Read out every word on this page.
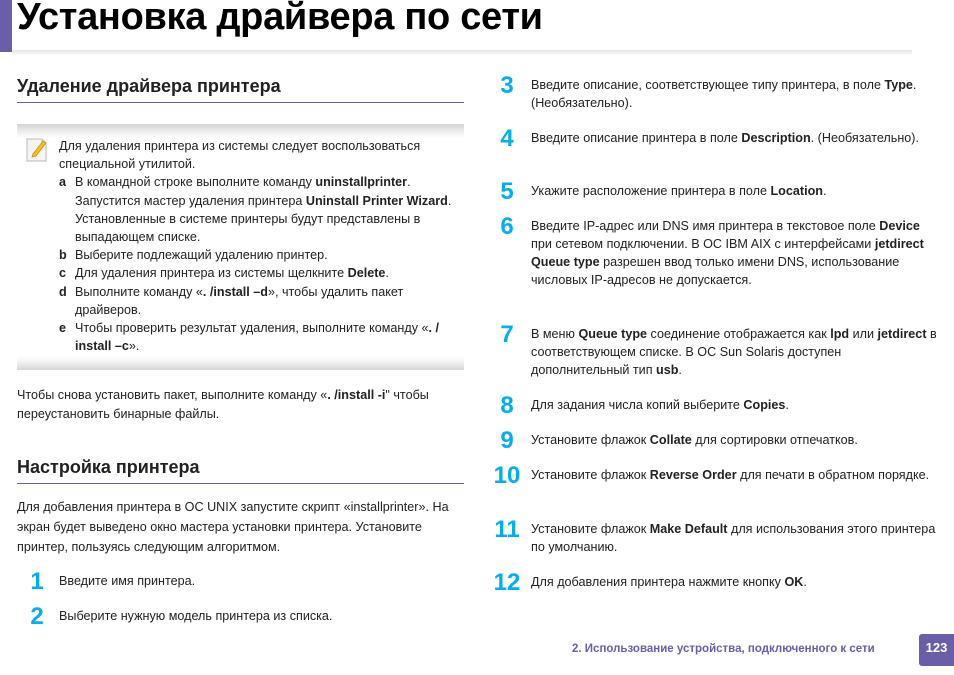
Установка драйвера по сети
Удаление драйвера принтера
Для удаления принтера из системы следует воспользоваться специальной утилитой.
a В командной строке выполните команду uninstallprinter.
Запустится мастер удаления принтера Uninstall Printer Wizard.
Установленные в системе принтеры будут представлены в выпадающем списке.
b Выберите подлежащий удалению принтер.
c Для удаления принтера из системы щелкните Delete.
d Выполните команду «. /install –d», чтобы удалить пакет драйверов.
e Чтобы проверить результат удаления, выполните команду «. / install –c».
Чтобы снова установить пакет, выполните команду «. /install -i" чтобы переустановить бинарные файлы.
Настройка принтера
Для добавления принтера в ОС UNIX запустите скрипт «installprinter». На экран будет выведено окно мастера установки принтера. Установите принтер, пользуясь следующим алгоритмом.
1	Введите имя принтера.
2	Выберите нужную модель принтера из списка.
3	Введите описание, соответствующее типу принтера, в поле Type. (Необязательно).
4	Введите описание принтера в поле Description. (Необязательно).
5	Укажите расположение принтера в поле Location.
6	Введите IP-адрес или DNS имя принтера в текстовое поле Device при сетевом подключении. В ОС IBM AIX с интерфейсами jetdirect Queue type разрешен ввод только имени DNS, использование числовых IP-адресов не допускается.
7	В меню Queue type соединение отображается как lpd или jetdirect в соответствующем списке. В ОС Sun Solaris доступен дополнительный тип usb.
8	Для задания числа копий выберите Copies.
9	Установите флажок Collate для сортировки отпечатков.
10 Установите флажок Reverse Order для печати в обратном порядке.
11 Установите флажок Make Default для использования этого принтера по умолчанию.
12 Для добавления принтера нажмите кнопку OK.
2. Использование устройства, подключенного к сети	123
